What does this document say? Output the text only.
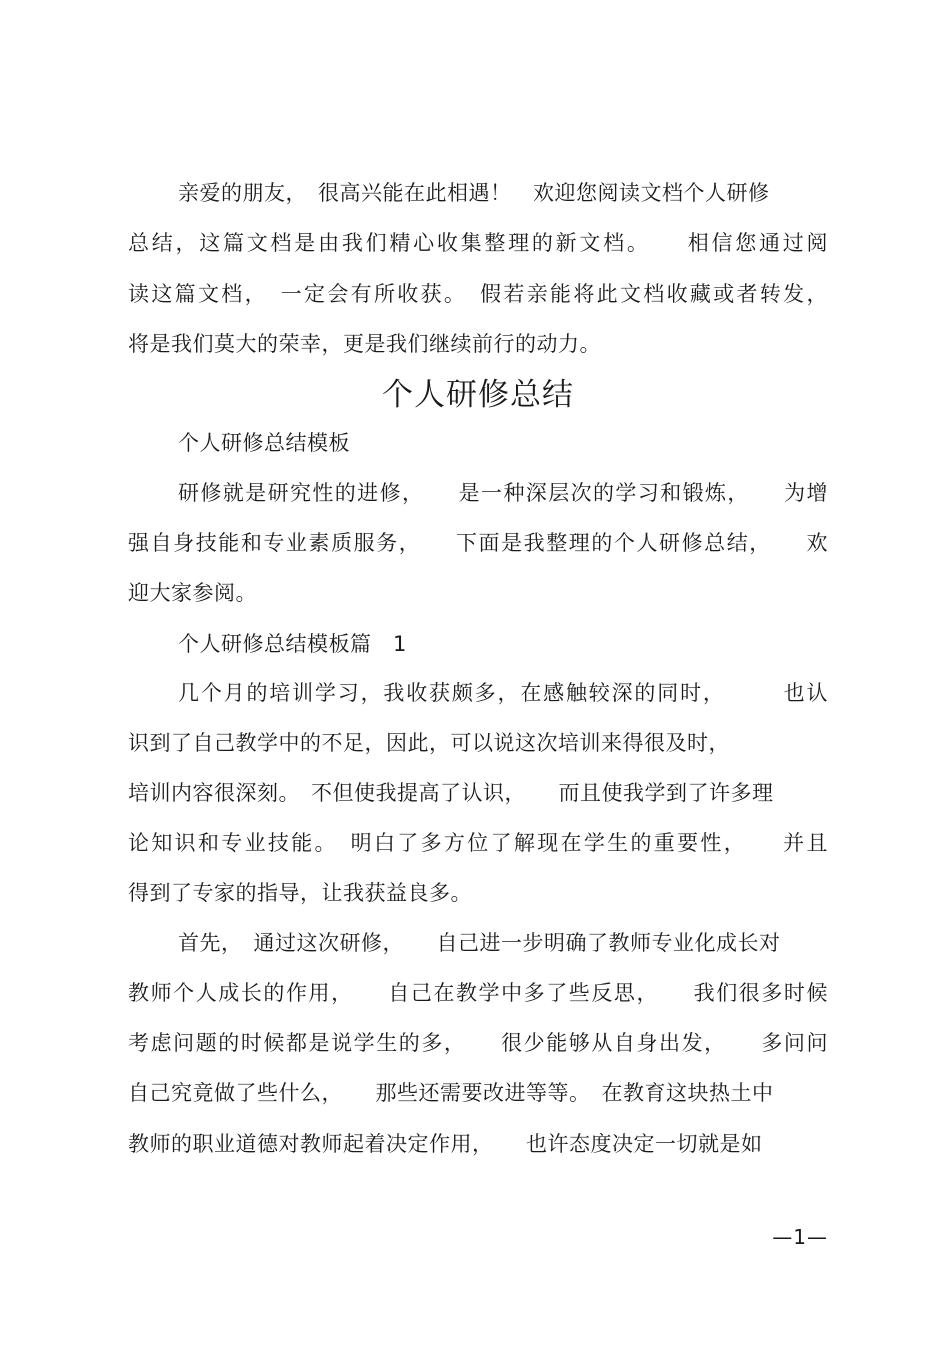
亲爱的朋友，　很高兴能在此相遇！　欢迎您阅读文档个人研修
总结，这篇文档是由我们精心收集整理的新文档。　　相信您通过阅
读这篇文档，　一定会有所收获。　假若亲能将此文档收藏或者转发，
将是我们莫大的荣幸，更是我们继续前行的动力。
个人研修总结
个人研修总结模板
研修就是研究性的进修，　　是一种深层次的学习和锻炼，　　为增
强自身技能和专业素质服务，　　下面是我整理的个人研修总结，　　欢
迎大家参阅。
个人研修总结模板篇　1
几个月的培训学习，我收获颇多，在感触较深的同时，　　　也认
识到了自己教学中的不足，因此，可以说这次培训来得很及时，
培训内容很深刻。　不但使我提高了认识，　　而且使我学到了许多理
论知识和专业技能。　明白了多方位了解现在学生的重要性，　　并且
得到了专家的指导，让我获益良多。
首先，　通过这次研修，　　自己进一步明确了教师专业化成长对
教师个人成长的作用，　　自己在教学中多了些反思，　　我们很多时候
考虑问题的时候都是说学生的多，　　很少能够从自身出发，　　多问问
自己究竟做了些什么，　　那些还需要改进等等。　在教育这块热土中
教师的职业道德对教师起着决定作用，　　也许态度决定一切就是如
—1—
